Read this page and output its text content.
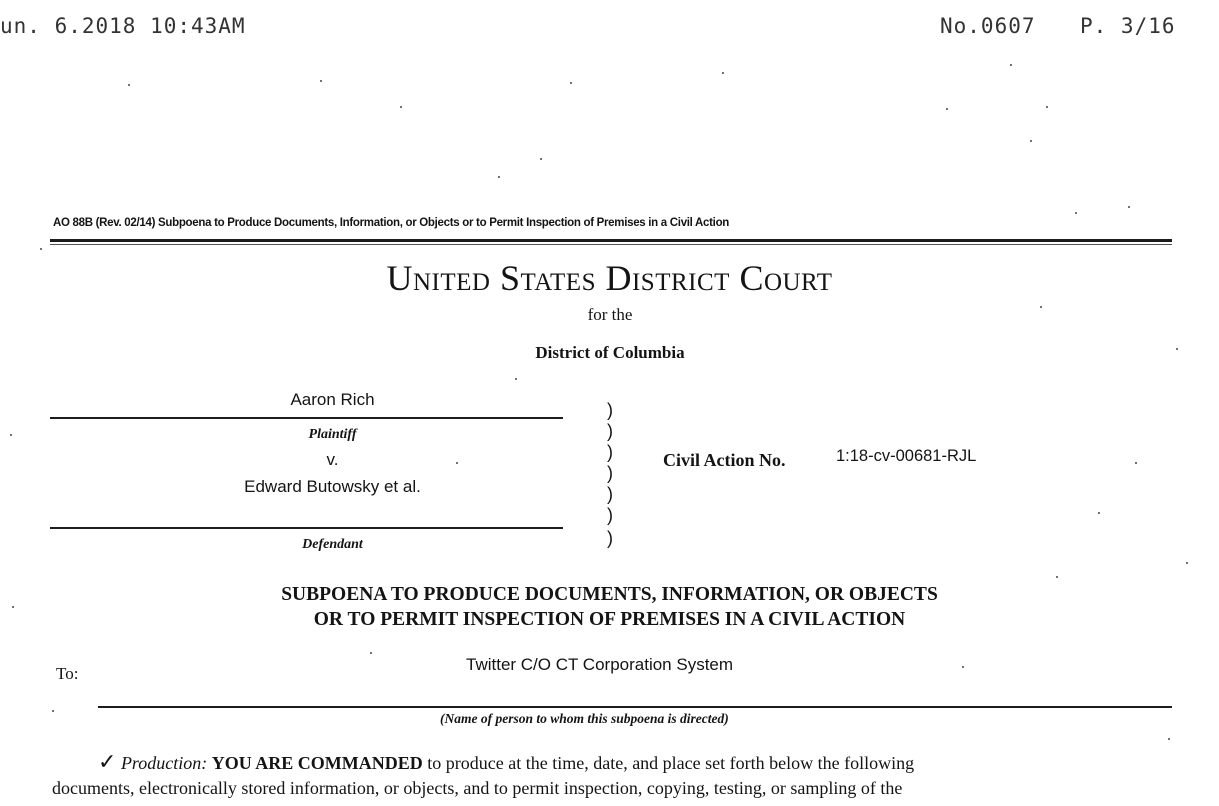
un. 6.2018 10:43AM	No.0607 P. 3/16
AO 88B (Rev. 02/14) Subpoena to Produce Documents, Information, or Objects or to Permit Inspection of Premises in a Civil Action
United States District Court
for the
District of Columbia
Aaron Rich
Plaintiff
v.
Edward Butowsky et al.
Defendant
)
)
)
)
)
)
)
Civil Action No.	1:18-cv-00681-RJL
SUBPOENA TO PRODUCE DOCUMENTS, INFORMATION, OR OBJECTS
OR TO PERMIT INSPECTION OF PREMISES IN A CIVIL ACTION
To:	Twitter C/O CT Corporation System
(Name of person to whom this subpoena is directed)
✓ Production: YOU ARE COMMANDED to produce at the time, date, and place set forth below the following
documents, electronically stored information, or objects, and to permit inspection, copying, testing, or sampling of the
